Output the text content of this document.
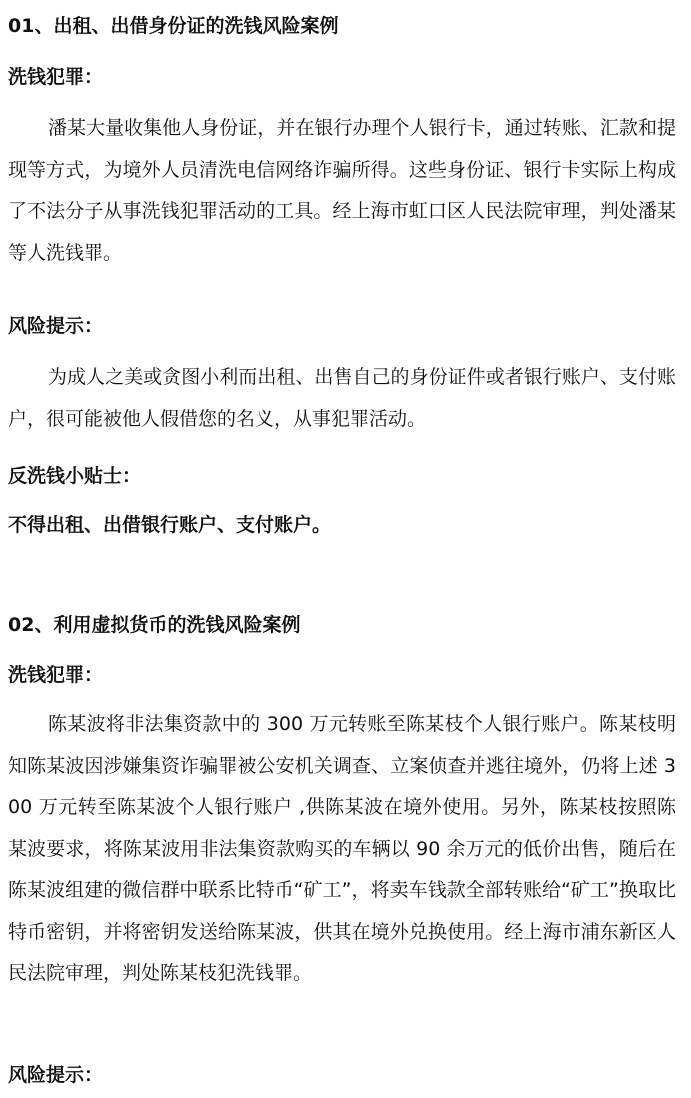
01、出租、出借身份证的洗钱风险案例
洗钱犯罪：
潘某大量收集他人身份证，并在银行办理个人银行卡，通过转账、汇款和提现等方式，为境外人员清洗电信网络诈骗所得。这些身份证、银行卡实际上构成了不法分子从事洗钱犯罪活动的工具。经上海市虹口区人民法院审理，判处潘某等人洗钱罪。
风险提示：
为成人之美或贪图小利而出租、出售自己的身份证件或者银行账户、支付账户，很可能被他人假借您的名义，从事犯罪活动。
反洗钱小贴士：
不得出租、出借银行账户、支付账户。
02、利用虚拟货币的洗钱风险案例
洗钱犯罪：
陈某波将非法集资款中的 300 万元转账至陈某枝个人银行账户。陈某枝明知陈某波因涉嫌集资诈骗罪被公安机关调查、立案侦查并逃往境外，仍将上述 300 万元转至陈某波个人银行账户 ,供陈某波在境外使用。另外，陈某枝按照陈某波要求，将陈某波用非法集资款购买的车辆以 90 余万元的低价出售，随后在陈某波组建的微信群中联系比特币“矿工”，将卖车钱款全部转账给“矿工”换取比特币密钥，并将密钥发送给陈某波，供其在境外兑换使用。经上海市浦东新区人民法院审理，判处陈某枝犯洗钱罪。
风险提示：
